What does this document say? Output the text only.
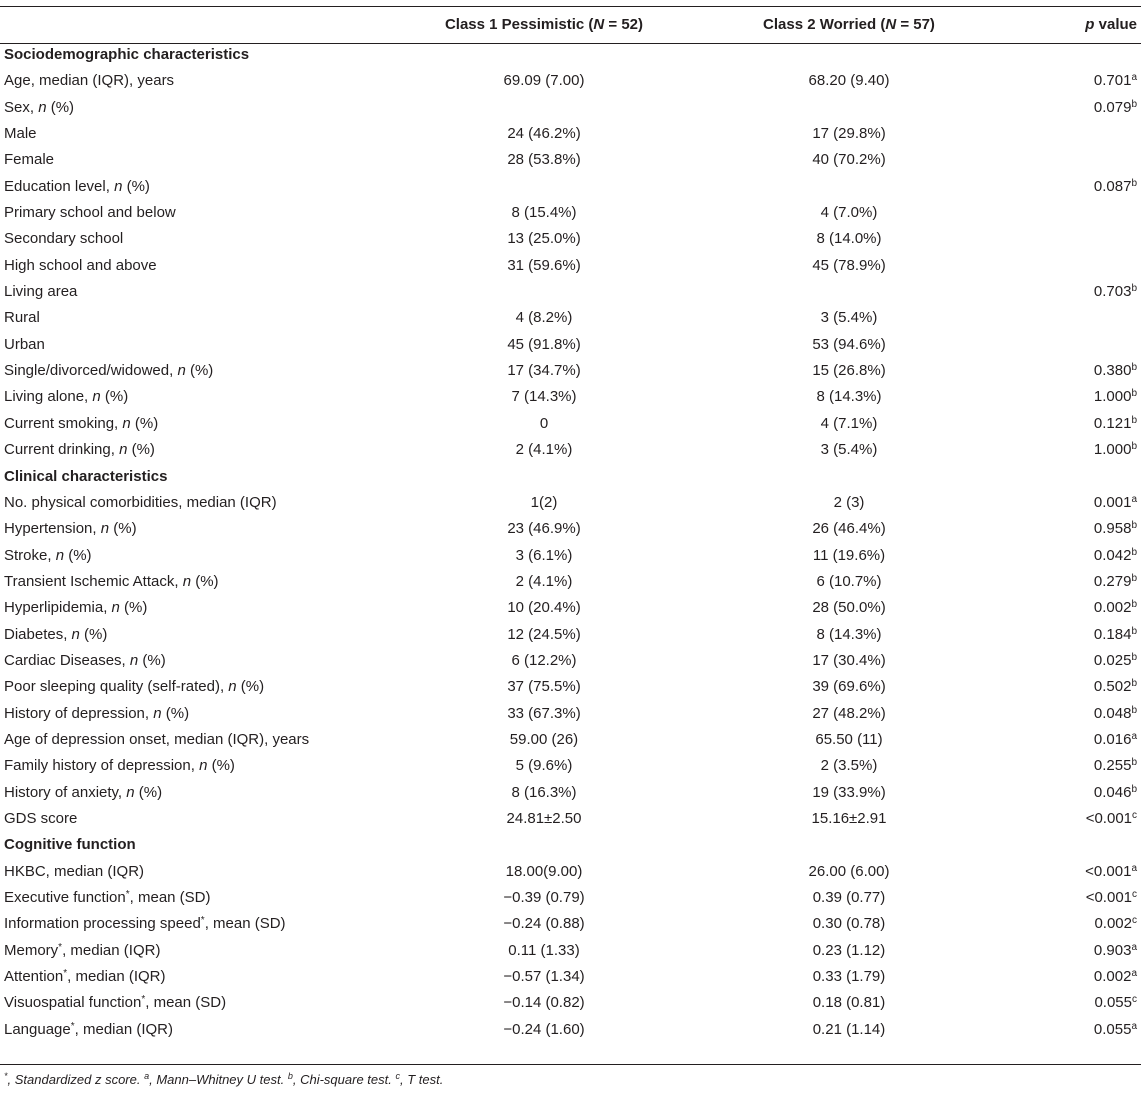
	Class 1 Pessimistic (N = 52)	Class 2 Worried (N = 57)	p value
Sociodemographic characteristics			
Age, median (IQR), years	69.09 (7.00)	68.20 (9.40)	0.701$^a$
Sex, n (%)			0.079$^b$
Male	24 (46.2%)	17 (29.8%)	
Female	28 (53.8%)	40 (70.2%)	
Education level, n (%)			0.087$^b$
Primary school and below	8 (15.4%)	4 (7.0%)	
Secondary school	13 (25.0%)	8 (14.0%)	
High school and above	31 (59.6%)	45 (78.9%)	
Living area			0.703$^b$
Rural	4 (8.2%)	3 (5.4%)	
Urban	45 (91.8%)	53 (94.6%)	
Single/divorced/widowed, n (%)	17 (34.7%)	15 (26.8%)	0.380$^b$
Living alone, n (%)	7 (14.3%)	8 (14.3%)	1.000$^b$
Current smoking, n (%)	0	4 (7.1%)	0.121$^b$
Current drinking, n (%)	2 (4.1%)	3 (5.4%)	1.000$^b$
Clinical characteristics			
No. physical comorbidities, median (IQR)	1(2)	2 (3)	0.001$^a$
Hypertension, n (%)	23 (46.9%)	26 (46.4%)	0.958$^b$
Stroke, n (%)	3 (6.1%)	11 (19.6%)	0.042$^b$
Transient Ischemic Attack, n (%)	2 (4.1%)	6 (10.7%)	0.279$^b$
Hyperlipidemia, n (%)	10 (20.4%)	28 (50.0%)	0.002$^b$
Diabetes, n (%)	12 (24.5%)	8 (14.3%)	0.184$^b$
Cardiac Diseases, n (%)	6 (12.2%)	17 (30.4%)	0.025$^b$
Poor sleeping quality (self-rated), n (%)	37 (75.5%)	39 (69.6%)	0.502$^b$
History of depression, n (%)	33 (67.3%)	27 (48.2%)	0.048$^b$
Age of depression onset, median (IQR), years	59.00 (26)	65.50 (11)	0.016$^a$
Family history of depression, n (%)	5 (9.6%)	2 (3.5%)	0.255$^b$
History of anxiety, n (%)	8 (16.3%)	19 (33.9%)	0.046$^b$
GDS score	24.81±2.50	15.16±2.91	<0.001$^c$
Cognitive function			
HKBC, median (IQR)	18.00(9.00)	26.00 (6.00)	<0.001$^a$
Executive function*, mean (SD)	−0.39 (0.79)	0.39 (0.77)	<0.001$^c$
Information processing speed*, mean (SD)	−0.24 (0.88)	0.30 (0.78)	0.002$^c$
Memory*, median (IQR)	0.11 (1.33)	0.23 (1.12)	0.903$^a$
Attention*, median (IQR)	−0.57 (1.34)	0.33 (1.79)	0.002$^a$
Visuospatial function*, mean (SD)	−0.14 (0.82)	0.18 (0.81)	0.055$^c$
Language*, median (IQR)	−0.24 (1.60)	0.21 (1.14)	0.055$^a$
*, Standardized z score. $^a$, Mann–Whitney U test. $^b$, Chi-square test. $^c$, T test.
